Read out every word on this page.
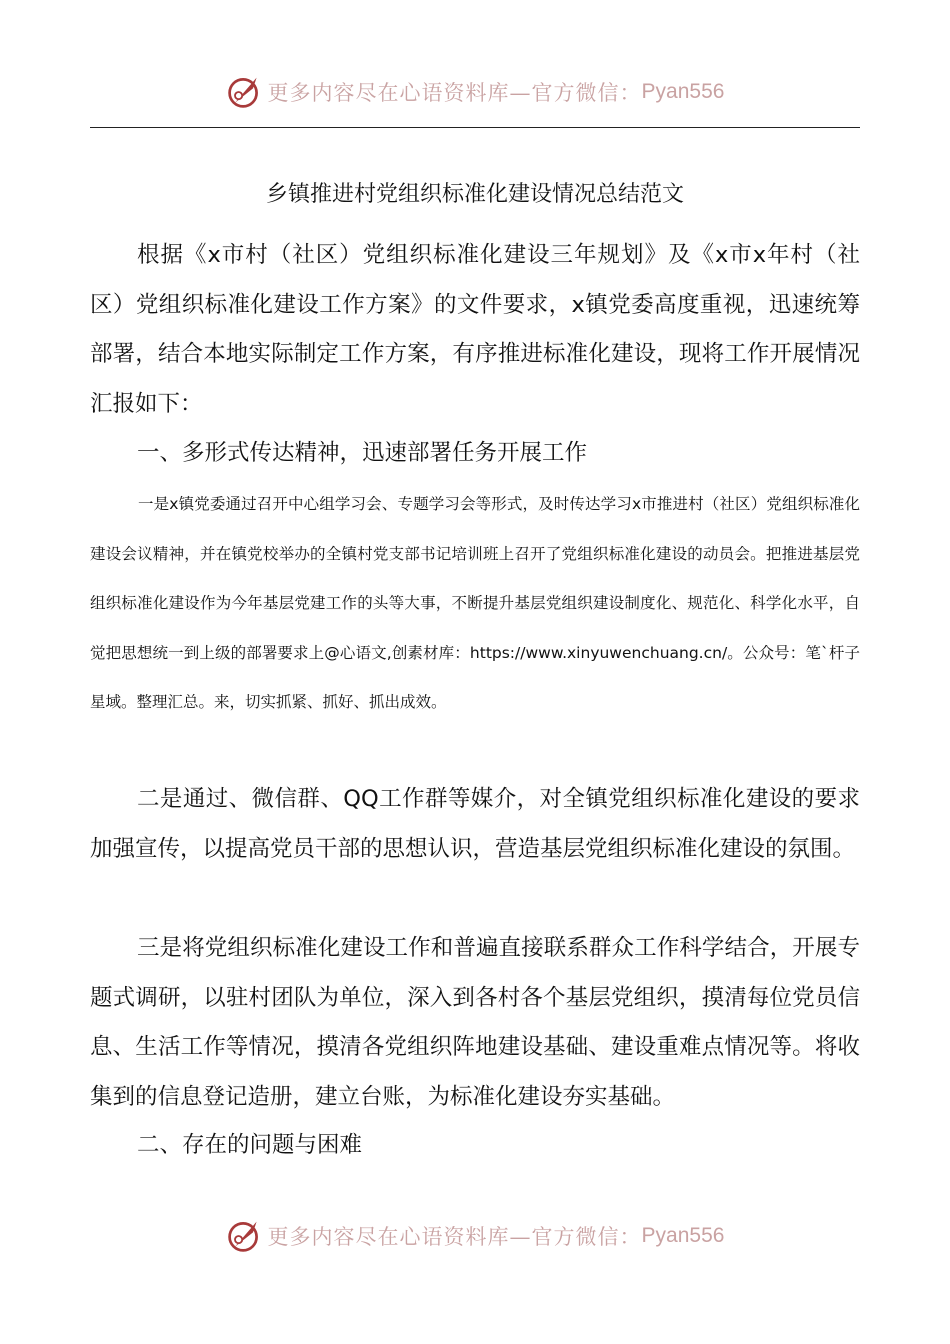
更多内容尽在心语资料库—官方微信： Pyan556
乡镇推进村党组织标准化建设情况总结范文

根据《x市村（社区）党组织标准化建设三年规划》及《x市x年村（社区）党组织标准化建设工作方案》的文件要求，x镇党委高度重视，迅速统筹部署，结合本地实际制定工作方案，有序推进标准化建设，现将工作开展情况汇报如下：

一、多形式传达精神，迅速部署任务开展工作

一是x镇党委通过召开中心组学习会、专题学习会等形式，及时传达学习x市推进村（社区）党组织标准化建设会议精神，并在镇党校举办的全镇村党支部书记培训班上召开了党组织标准化建设的动员会。把推进基层党组织标准化建设作为今年基层党建工作的头等大事，不断提升基层党组织建设制度化、规范化、科学化水平，自觉把思想统一到上级的部署要求上@心语文,创素材库：https://www.xinyuwenchuang.cn/。公众号：笔`杆子星域。整理汇总。来，切实抓紧、抓好、抓出成效。

二是通过、微信群、QQ工作群等媒介，对全镇党组织标准化建设的要求加强宣传，以提高党员干部的思想认识，营造基层党组织标准化建设的氛围。

三是将党组织标准化建设工作和普遍直接联系群众工作科学结合，开展专题式调研，以驻村团队为单位，深入到各村各个基层党组织，摸清每位党员信息、生活工作等情况，摸清各党组织阵地建设基础、建设重难点情况等。将收集到的信息登记造册，建立台账，为标准化建设夯实基础。

二、存在的问题与困难

更多内容尽在心语资料库—官方微信： Pyan556
